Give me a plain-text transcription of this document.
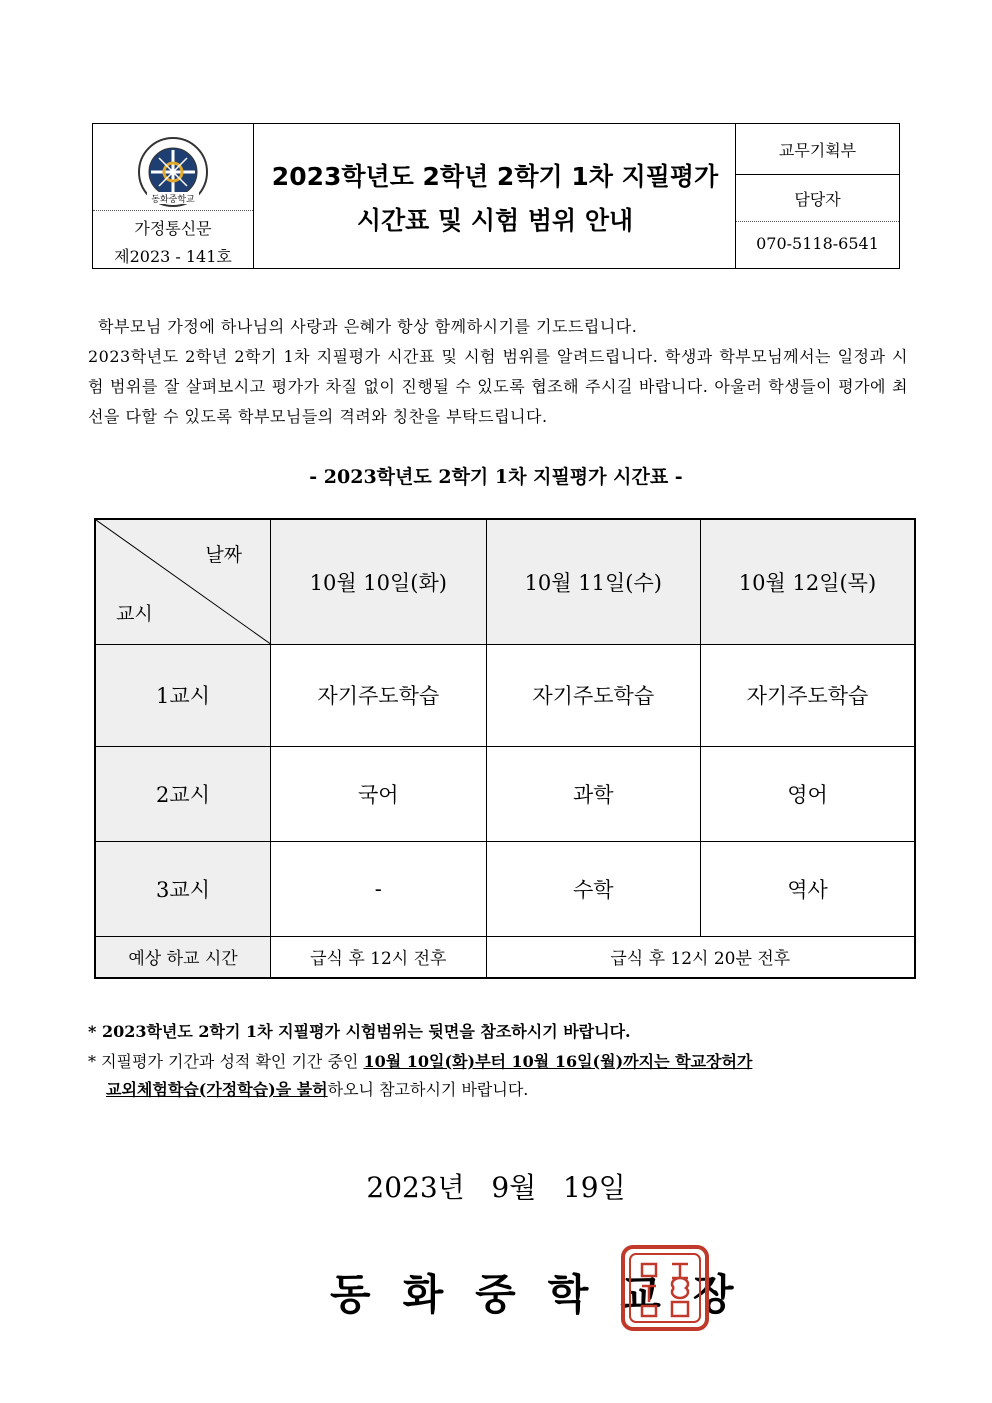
동화중학교
가정통신문
제2023 - 141호
2023학년도 2학년 2학기 1차 지필평가
시간표 및 시험 범위 안내
교무기획부
담당자
070-5118-6541
학부모님 가정에 하나님의 사랑과 은혜가 항상 함께하시기를 기도드립니다.
2023학년도 2학년 2학기 1차 지필평가 시간표 및 시험 범위를 알려드립니다. 학생과 학부모님께서는 일정과 시험 범위를 잘 살펴보시고 평가가 차질 없이 진행될 수 있도록 협조해 주시길 바랍니다. 아울러 학생들이 평가에 최선을 다할 수 있도록 학부모님들의 격려와 칭찬을 부탁드립니다.
- 2023학년도 2학기 1차 지필평가 시간표 -
날짜
교시	10월 10일(화)	10월 11일(수)	10월 12일(목)
1교시	자기주도학습	자기주도학습	자기주도학습
2교시	국어	과학	영어
3교시	-	수학	역사
예상 하교 시간	급식 후 12시 전후	급식 후 12시 20분 전후	
* 2023학년도 2학기 1차 지필평가 시험범위는 뒷면을 참조하시기 바랍니다.
* 지필평가 기간과 성적 확인 기간 중인 10월 10일(화)부터 10월 16일(월)까지는 학교장허가
교외체험학습(가정학습)을 불허하오니 참고하시기 바랍니다.
2023년   9월   19일
동화중학교장
